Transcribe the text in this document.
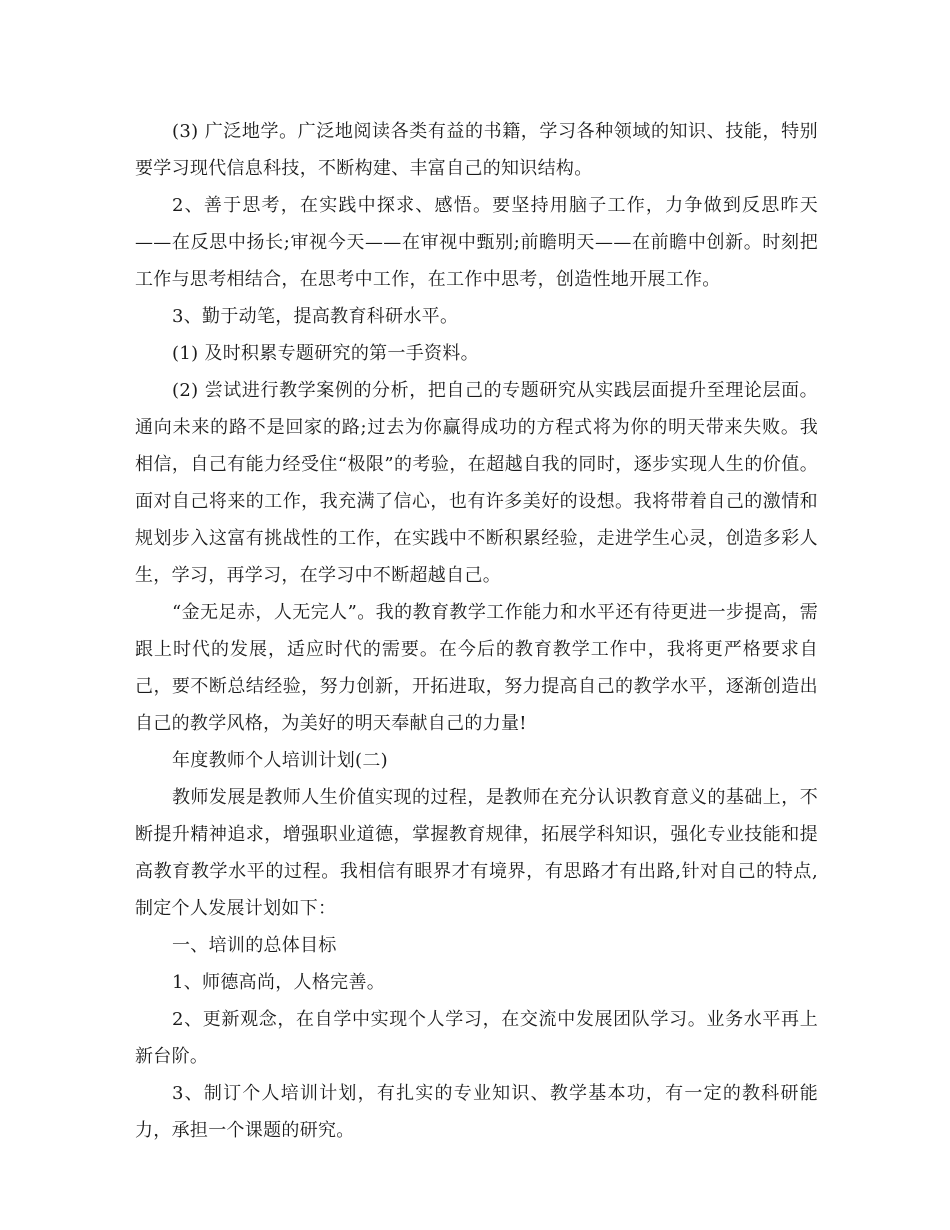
(3) 广泛地学。广泛地阅读各类有益的书籍，学习各种领域的知识、技能，特别要学习现代信息科技，不断构建、丰富自己的知识结构。

2、善于思考，在实践中探求、感悟。要坚持用脑子工作，力争做到反思昨天——在反思中扬长;审视今天——在审视中甄别;前瞻明天——在前瞻中创新。时刻把工作与思考相结合，在思考中工作，在工作中思考，创造性地开展工作。

3、勤于动笔，提高教育科研水平。

(1) 及时积累专题研究的第一手资料。

(2) 尝试进行教学案例的分析，把自己的专题研究从实践层面提升至理论层面。通向未来的路不是回家的路;过去为你赢得成功的方程式将为你的明天带来失败。我相信，自己有能力经受住“极限”的考验，在超越自我的同时，逐步实现人生的价值。面对自己将来的工作，我充满了信心，也有许多美好的设想。我将带着自己的激情和规划步入这富有挑战性的工作，在实践中不断积累经验，走进学生心灵，创造多彩人生，学习，再学习，在学习中不断超越自己。

“金无足赤，人无完人”。我的教育教学工作能力和水平还有待更进一步提高，需跟上时代的发展，适应时代的需要。在今后的教育教学工作中，我将更严格要求自己，要不断总结经验，努力创新，开拓进取，努力提高自己的教学水平，逐渐创造出自己的教学风格，为美好的明天奉献自己的力量!

年度教师个人培训计划(二)

教师发展是教师人生价值实现的过程，是教师在充分认识教育意义的基础上，不断提升精神追求，增强职业道德，掌握教育规律，拓展学科知识，强化专业技能和提高教育教学水平的过程。我相信有眼界才有境界，有思路才有出路,针对自己的特点,制定个人发展计划如下：

一、培训的总体目标

1、师德高尚，人格完善。

2、更新观念，在自学中实现个人学习，在交流中发展团队学习。业务水平再上新台阶。

3、制订个人培训计划，有扎实的专业知识、教学基本功，有一定的教科研能力，承担一个课题的研究。
